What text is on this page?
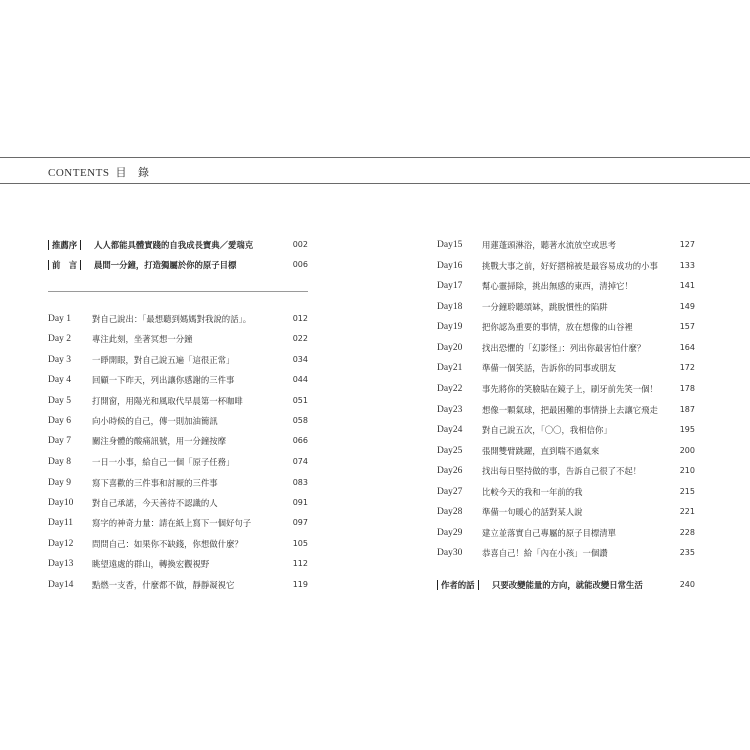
CONTENTS 目 錄
推薦序	人人都能具體實踐的自我成長寶典／愛瑞克	002
前　言	晨間一分鐘，打造獨屬於你的原子目標	006
Day 1	對自己說出：「最想聽到媽媽對我說的話」。	012
Day 2	專注此刻，坐著冥想一分鐘	022
Day 3	一睜開眼，對自己說五遍「這很正常」	034
Day 4	回顧一下昨天，列出讓你感謝的三件事	044
Day 5	打開窗，用陽光和風取代早晨第一杯咖啡	051
Day 6	向小時候的自己，傳一則加油簡訊	058
Day 7	關注身體的酸痛訊號，用一分鐘按摩	066
Day 8	一日一小事，給自己一個「原子任務」	074
Day 9	寫下喜歡的三件事和討厭的三件事	083
Day10 對自己承諾，今天善待不認識的人	091
Day11 寫字的神奇力量：請在紙上寫下一個好句子	097
Day12 問問自己：如果你不缺錢，你想做什麼？	105
Day13 眺望遠處的群山，轉換宏觀視野	112
Day14 點燃一支香，什麼都不做，靜靜凝視它	119
Day15 用蓮蓬頭淋浴，聽著水流放空或思考	127
Day16 挑戰大事之前，好好摺棉被是最容易成功的小事	133
Day17 幫心靈掃除，挑出無感的東西，清掉它！	141
Day18 一分鐘聆聽頌缽，跳脫慣性的陷阱	149
Day19 把你認為重要的事情，放在想像的山谷裡	157
Day20 找出恐懼的「幻影怪」：列出你最害怕什麼？	164
Day21 準備一個笑話，告訴你的同事或朋友	172
Day22 事先將你的笑臉貼在鏡子上，刷牙前先笑一個！	178
Day23 想像一顆氣球，把最困難的事情掛上去讓它飛走	187
Day24 對自己說五次，「〇〇，我相信你」	195
Day25 張開雙臂跳躍，直到喘不過氣來	200
Day26 找出每日堅持做的事，告訴自己很了不起！	210
Day27 比較今天的我和一年前的我	215
Day28 準備一句暖心的話對某人說	221
Day29 建立並落實自己專屬的原子目標清單	228
Day30 恭喜自己！給「內在小孩」一個讚	235
作者的話	只要改變能量的方向，就能改變日常生活	240
